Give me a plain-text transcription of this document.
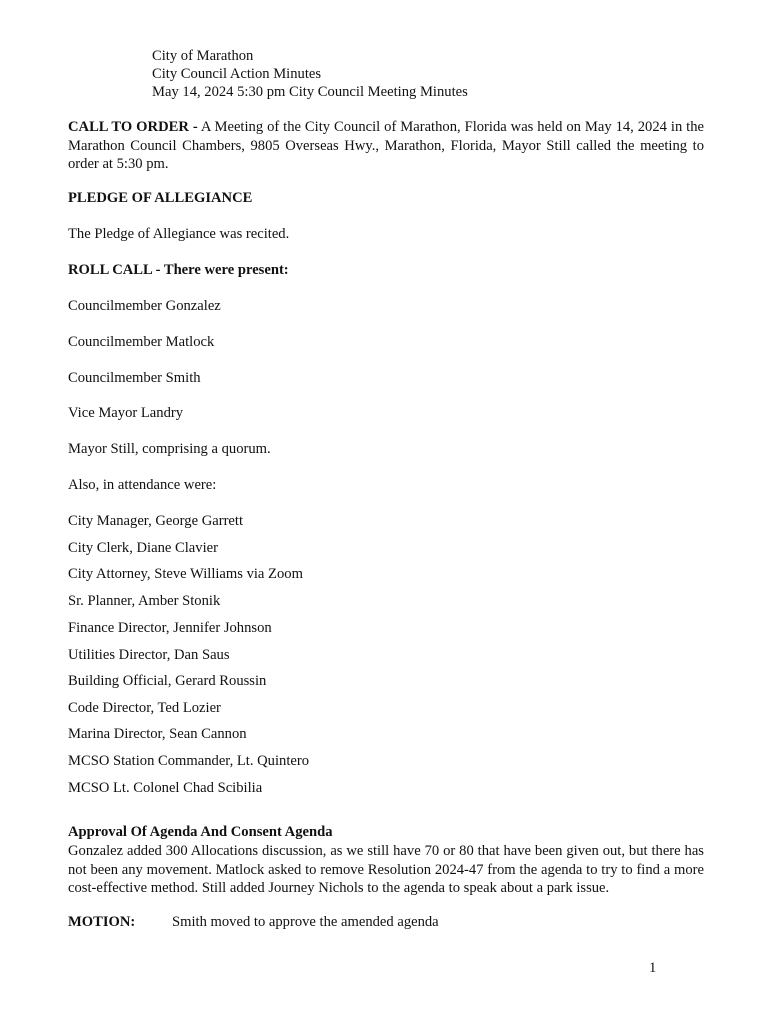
City of Marathon
City Council Action Minutes
May 14, 2024 5:30 pm City Council Meeting Minutes
CALL TO ORDER - A Meeting of the City Council of Marathon, Florida was held on May 14, 2024 in the Marathon Council Chambers, 9805 Overseas Hwy., Marathon, Florida, Mayor Still called the meeting to order at 5:30 pm.
PLEDGE OF ALLEGIANCE
The Pledge of Allegiance was recited.
ROLL CALL - There were present:
Councilmember Gonzalez
Councilmember Matlock
Councilmember Smith
Vice Mayor Landry
Mayor Still, comprising a quorum.
Also, in attendance were:
City Manager, George Garrett
City Clerk, Diane Clavier
City Attorney, Steve Williams via Zoom
Sr. Planner, Amber Stonik
Finance Director, Jennifer Johnson
Utilities Director, Dan Saus
Building Official, Gerard Roussin
Code Director, Ted Lozier
Marina Director, Sean Cannon
MCSO Station Commander, Lt. Quintero
MCSO Lt. Colonel Chad Scibilia
Approval Of Agenda And Consent Agenda
Gonzalez added 300 Allocations discussion, as we still have 70 or 80 that have been given out, but there has not been any movement. Matlock asked to remove Resolution 2024-47 from the agenda to try to find a more cost-effective method. Still added Journey Nichols to the agenda to speak about a park issue.
MOTION:	Smith moved to approve the amended agenda
1
